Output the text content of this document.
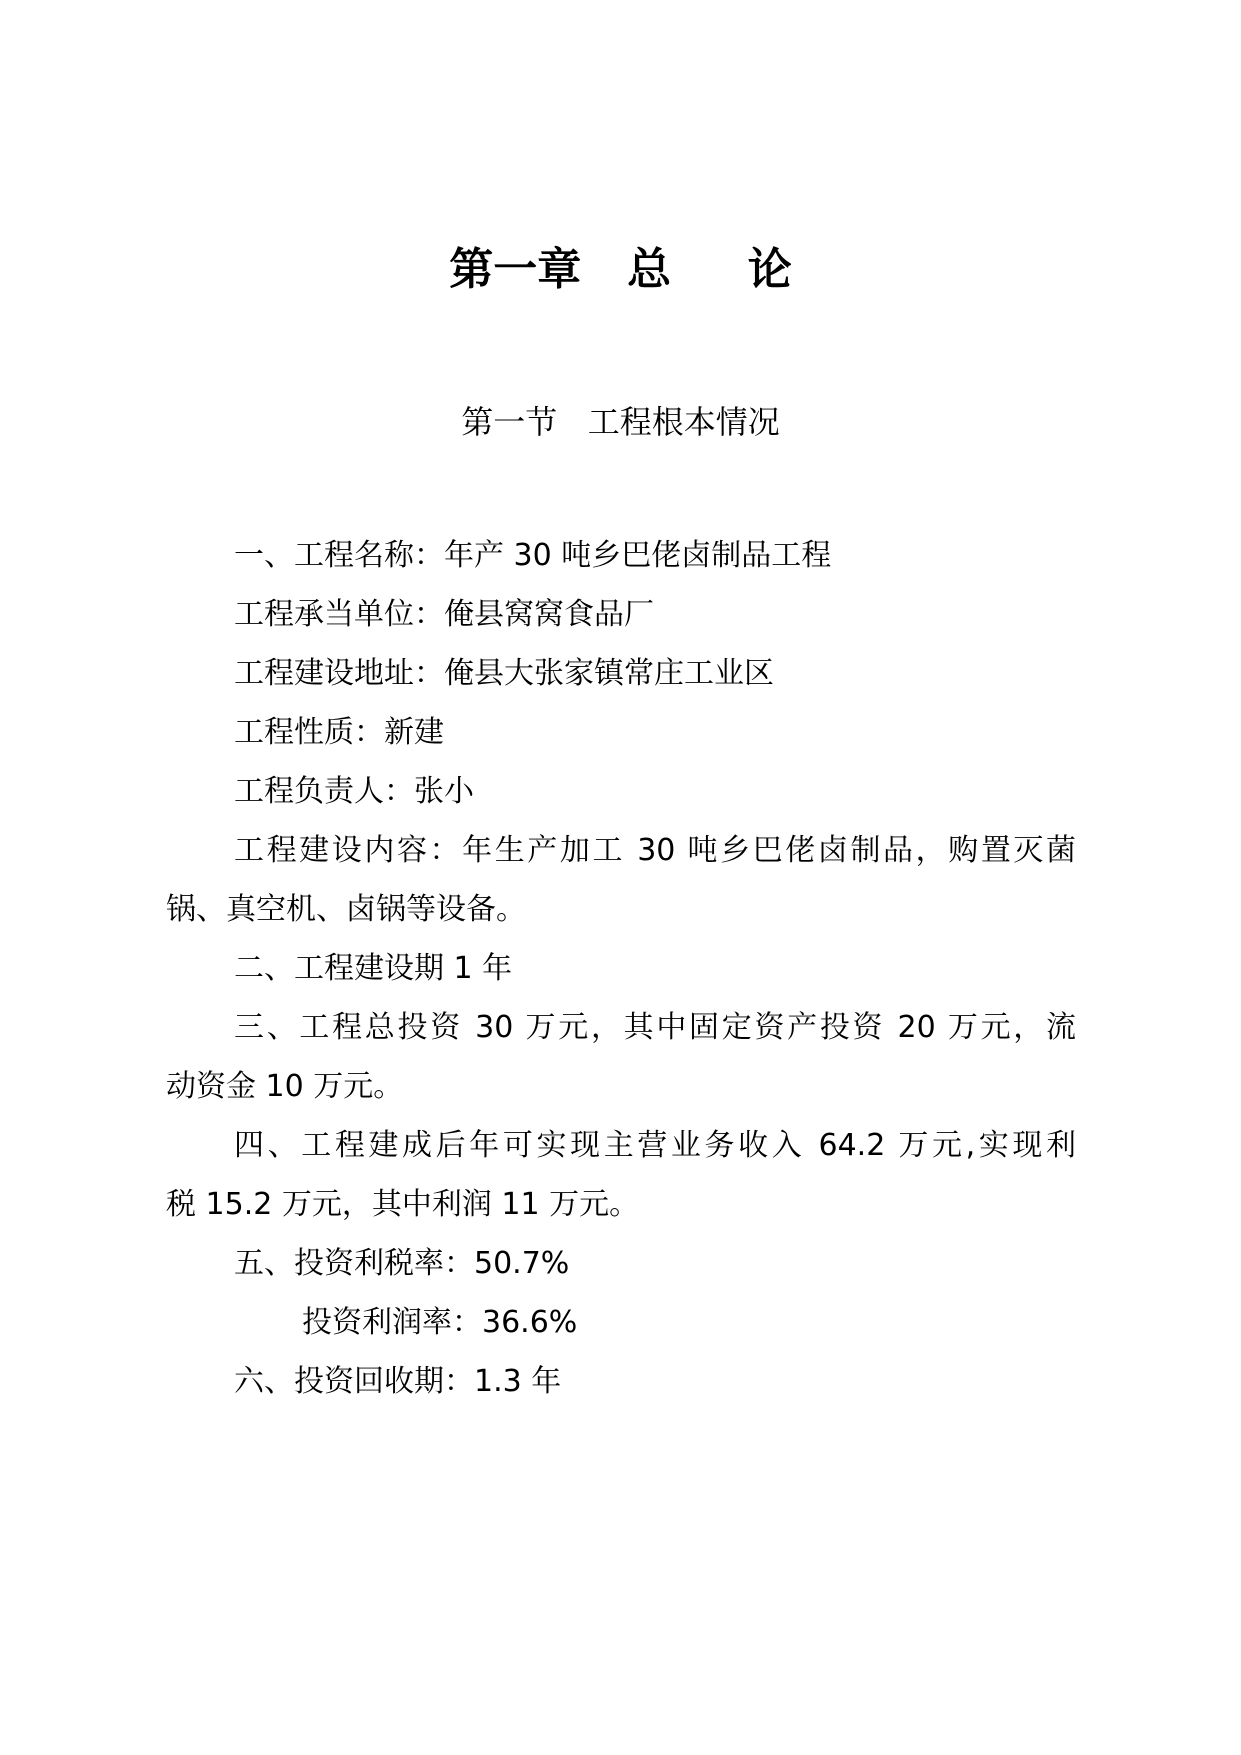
第一章   总     论
第一节   工程根本情况
一、工程名称：年产 30 吨乡巴佬卤制品工程
工程承当单位：俺县窝窝食品厂
工程建设地址：俺县大张家镇常庄工业区
工程性质：新建
工程负责人：张小
工程建设内容：年生产加工 30 吨乡巴佬卤制品，购置灭菌
锅、真空机、卤锅等设备。
二、工程建设期 1 年
三、工程总投资 30 万元，其中固定资产投资 20 万元，流
动资金 10 万元。
四、工程建成后年可实现主营业务收入 64.2 万元,实现利
税 15.2 万元，其中利润 11 万元。
五、投资利税率：50.7%
投资利润率：36.6%
六、投资回收期：1.3 年
